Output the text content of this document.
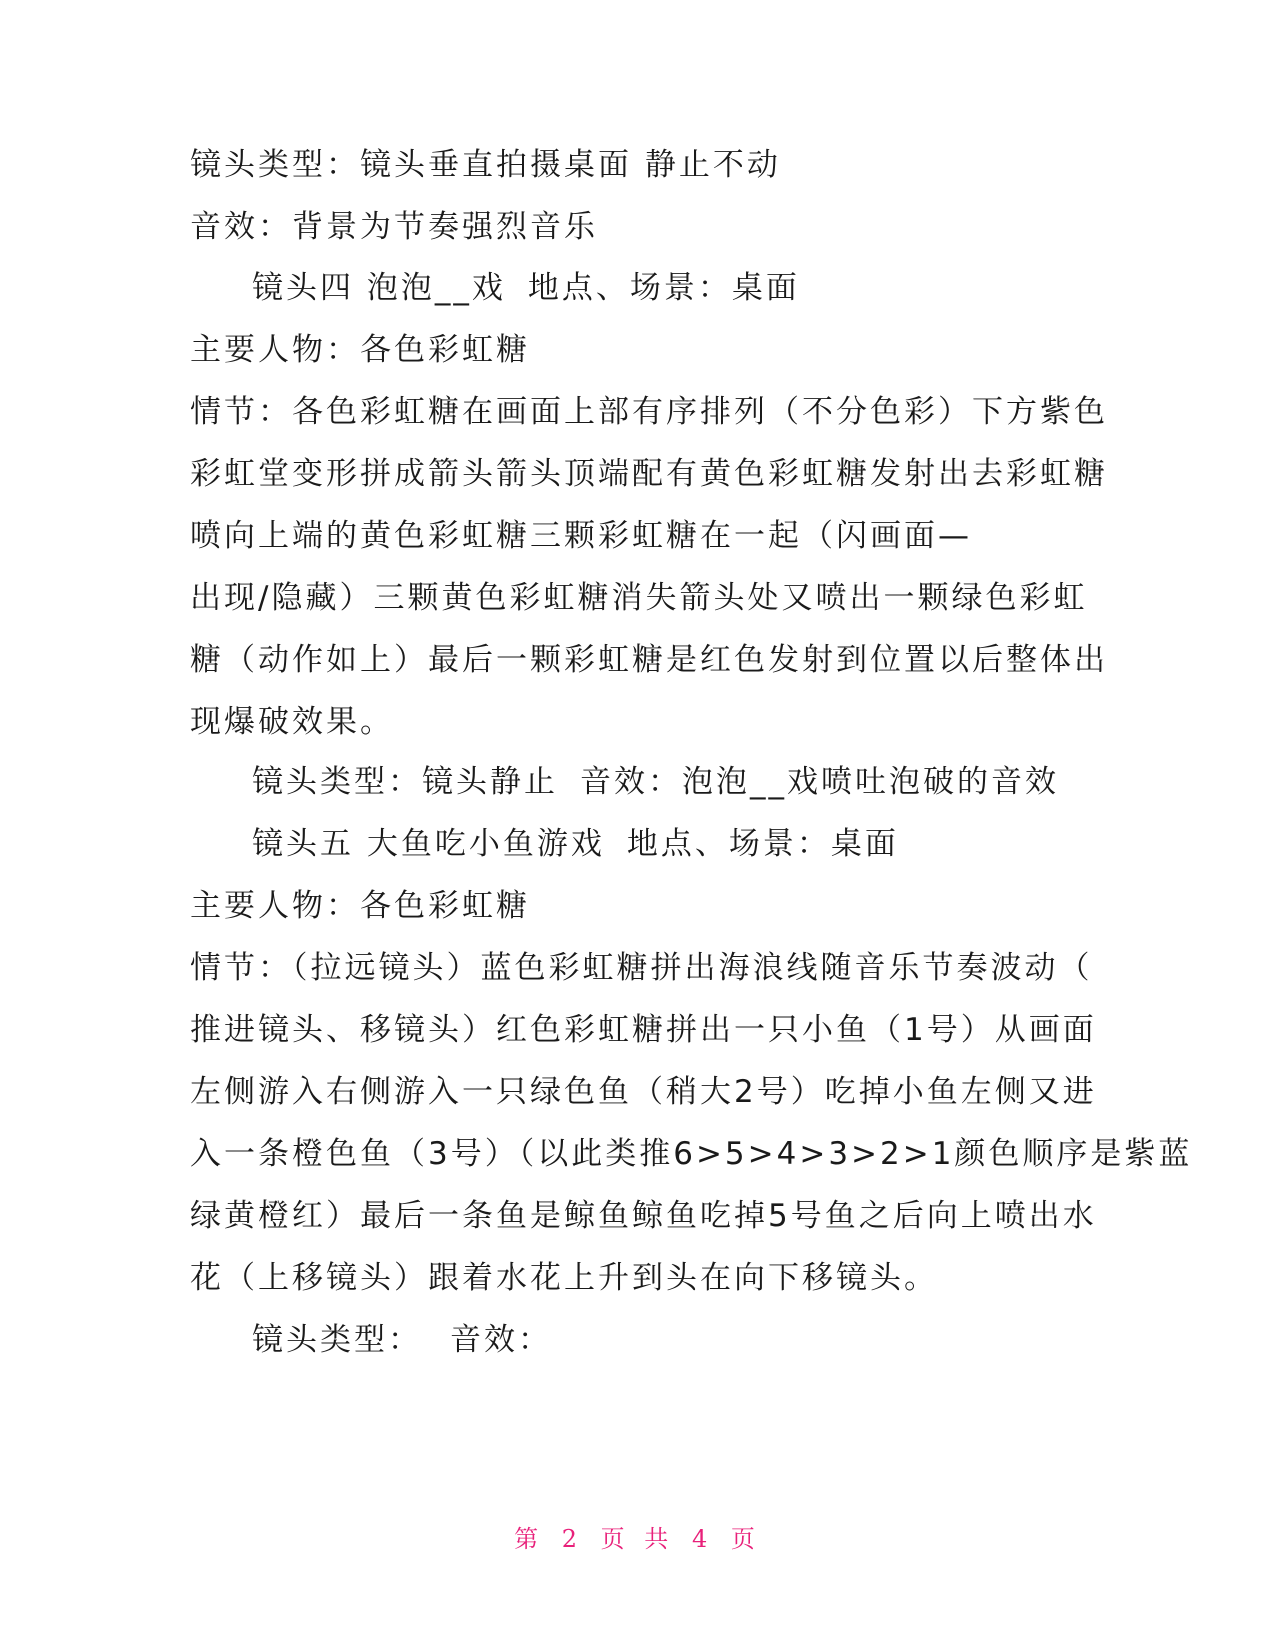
镜头类型：镜头垂直拍摄桌面 静止不动
音效：背景为节奏强烈音乐
镜头四 泡泡__戏 地点、场景：桌面
主要人物：各色彩虹糖
情节：各色彩虹糖在画面上部有序排列（不分色彩）下方紫色
彩虹堂变形拼成箭头箭头顶端配有黄色彩虹糖发射出去彩虹糖
喷向上端的黄色彩虹糖三颗彩虹糖在一起（闪画面—
出现/隐藏）三颗黄色彩虹糖消失箭头处又喷出一颗绿色彩虹
糖（动作如上）最后一颗彩虹糖是红色发射到位置以后整体出
现爆破效果。
镜头类型：镜头静止 音效：泡泡__戏喷吐泡破的音效
镜头五 大鱼吃小鱼游戏 地点、场景：桌面
主要人物：各色彩虹糖
情节：（拉远镜头）蓝色彩虹糖拼出海浪线随音乐节奏波动（
推进镜头、移镜头）红色彩虹糖拼出一只小鱼（1号）从画面
左侧游入右侧游入一只绿色鱼（稍大2号）吃掉小鱼左侧又进
入一条橙色鱼（3号）（以此类推6>5>4>3>2>1颜色顺序是紫蓝
绿黄橙红）最后一条鱼是鲸鱼鲸鱼吃掉5号鱼之后向上喷出水
花（上移镜头）跟着水花上升到头在向下移镜头。
镜头类型： 音效：
第 2 页 共 4 页
